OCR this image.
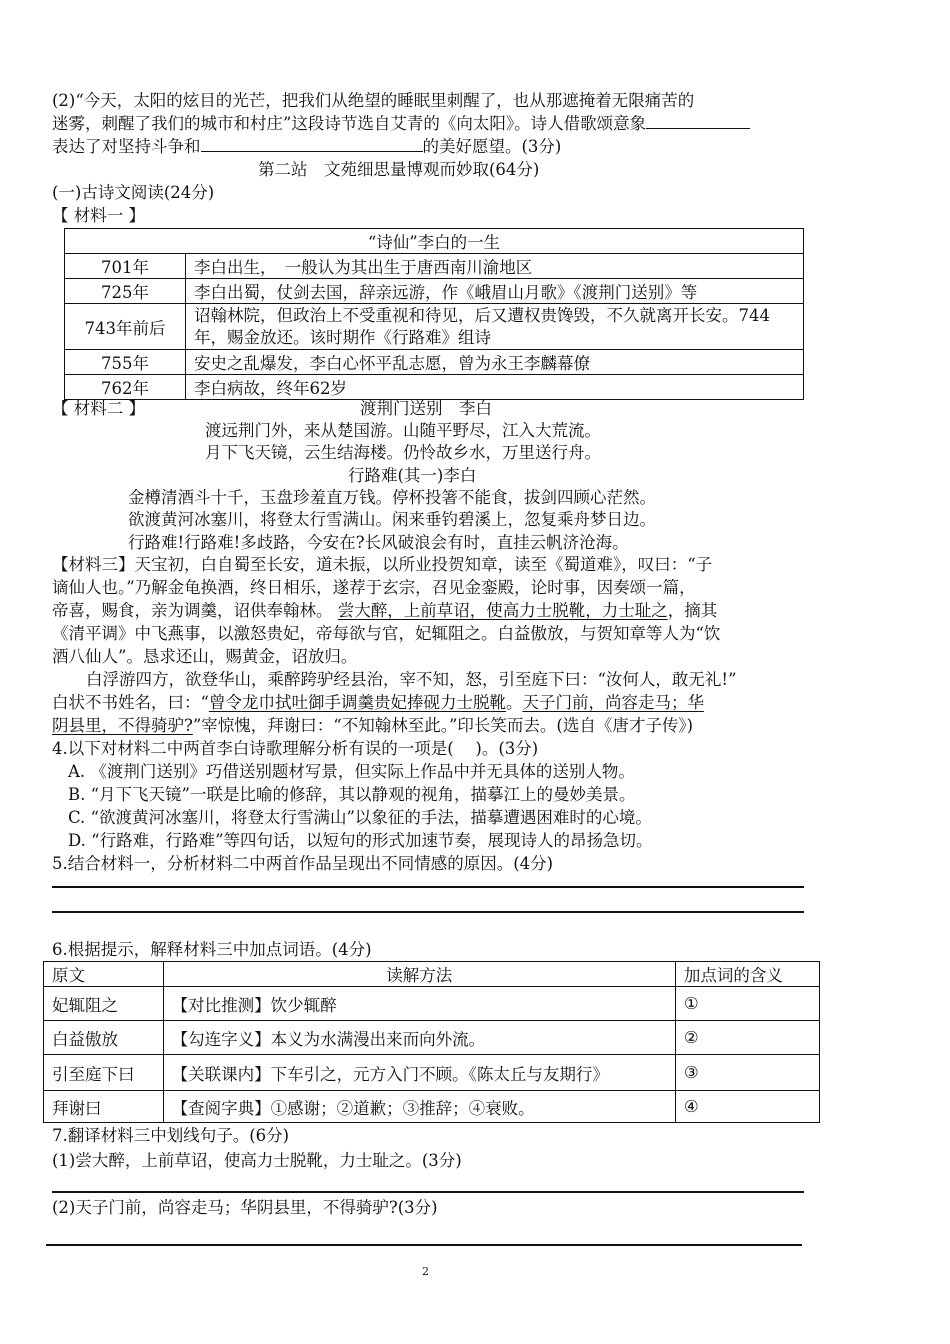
(2)“今天，太阳的炫目的光芒，把我们从绝望的睡眠里刺醒了，也从那遮掩着无限痛苦的
迷雾，刺醒了我们的城市和村庄”这段诗节选自艾青的《向太阳》。诗人借歌颂意象
表达了对坚持斗争和	的美好愿望。(3分)
第二站　文苑细思量博观而妙取(64分)
(一)古诗文阅读(24分)
【 材料一 】
“诗仙”李白的一生	
701年	李白出生，　一般认为其出生于唐西南川渝地区
725年	李白出蜀，仗剑去国，辞亲远游，作《峨眉山月歌》《渡荆门送别》等
743年前后	诏翰林院，但政治上不受重视和待见，后又遭权贵馋毁，不久就离开长安。744年，赐金放还。该时期作《行路难》组诗
755年	安史之乱爆发，李白心怀平乱志愿，曾为永王李麟幕僚
762年	李白病故，终年62岁
【 材料二 】	渡荆门送别　李白
渡远荆门外，来从楚国游。山随平野尽，江入大荒流。
月下飞天镜，云生结海楼。仍怜故乡水，万里送行舟。
行路难(其一)李白
金樽清酒斗十千，玉盘珍羞直万钱。停杯投箸不能食，拔剑四顾心茫然。
欲渡黄河冰塞川，将登太行雪满山。闲来垂钓碧溪上，忽复乘舟梦日边。
行路难!行路难!多歧路，今安在?长风破浪会有时，直挂云帆济沧海。
【材料三】天宝初，白自蜀至长安，道未振，以所业投贺知章，读至《蜀道难》，叹曰：“子
谪仙人也。”乃解金龟换酒，终日相乐，遂荐于玄宗，召见金銮殿，论时事，因奏颂一篇，
帝喜，赐食，亲为调羹，诏供奉翰林。 尝大醉，上前草诏，使高力士脱靴，力士耻之，摘其
《清平调》中飞燕事，以激怒贵妃，帝每欲与官，妃辄阻之。白益傲放，与贺知章等人为“饮
酒八仙人”。恳求还山，赐黄金，诏放归。
白浮游四方，欲登华山，乘醉跨驴经县治，宰不知，怒，引至庭下曰：“汝何人，敢无礼!”
白状不书姓名，曰：“曾令龙巾拭吐御手调羹贵妃捧砚力士脱靴。天子门前，尚容走马；华
阴县里，不得骑驴?”宰惊愧，拜谢曰：“不知翰林至此。”印长笑而去。(选自《唐才子传》)
4.以下对材料二中两首李白诗歌理解分析有误的一项是(　 )。(3分)
A. 《渡荆门送别》巧借送别题材写景，但实际上作品中并无具体的送别人物。
B. “月下飞天镜”一联是比喻的修辞，其以静观的视角，描摹江上的曼妙美景。
C. “欲渡黄河冰塞川，将登太行雪满山”以象征的手法，描摹遭遇困难时的心境。
D. “行路难，行路难”等四句话，以短句的形式加速节奏，展现诗人的昂扬急切。
5.结合材料一，分析材料二中两首作品呈现出不同情感的原因。(4分)
6.根据提示，解释材料三中加点词语。(4分)
原文	读解方法	加点词的含义
妃辄阻之	【对比推测】饮少辄醉	①
白益傲放	【勾连字义】本义为水满漫出来而向外流。	②
引至庭下曰	【关联课内】下车引之，元方入门不顾。《陈太丘与友期行》	③
拜谢曰	【查阅字典】①感谢；②道歉；③推辞；④衰败。	④
7.翻译材料三中划线句子。(6分)
(1)尝大醉，上前草诏，使高力士脱靴，力士耻之。(3分)
(2)天子门前，尚容走马；华阴县里，不得骑驴?(3分)
2
